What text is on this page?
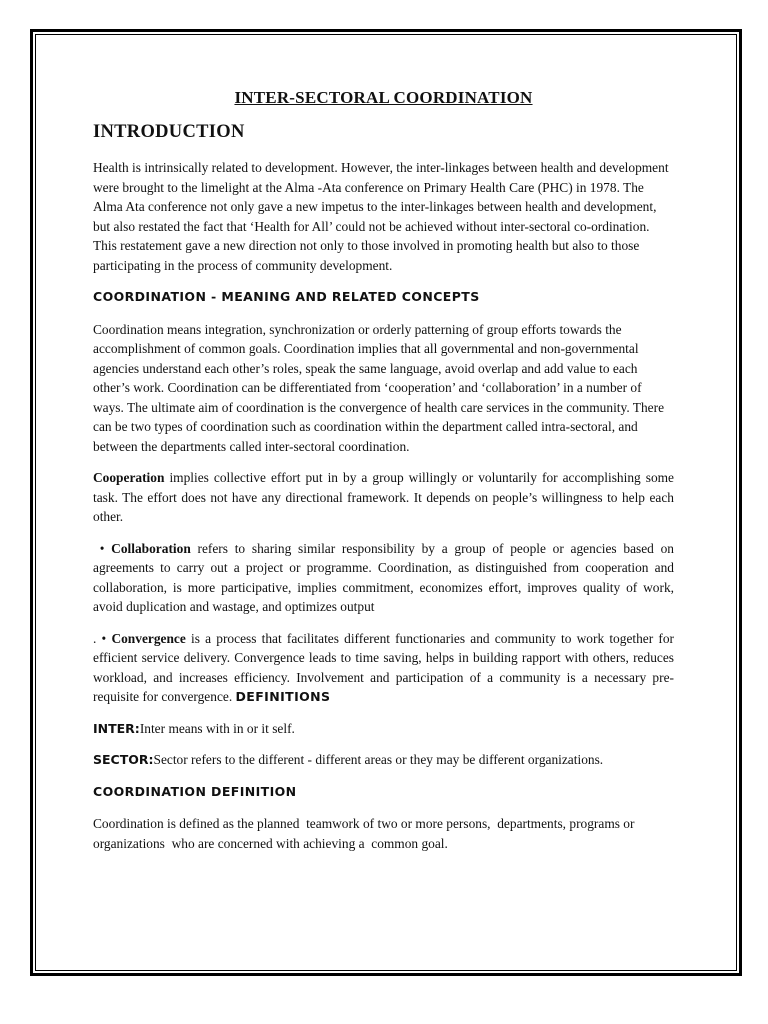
INTER-SECTORAL COORDINATION
INTRODUCTION

Health is intrinsically related to development. However, the inter-linkages between health and development were brought to the limelight at the Alma -Ata conference on Primary Health Care (PHC) in 1978. The Alma Ata conference not only gave a new impetus to the inter-linkages between health and development, but also restated the fact that ‘Health for All’ could not be achieved without inter-sectoral co-ordination. This restatement gave a new direction not only to those involved in promoting health but also to those participating in the process of community development.

COORDINATION - MEANING AND RELATED CONCEPTS

Coordination means integration, synchronization or orderly patterning of group efforts towards the accomplishment of common goals. Coordination implies that all governmental and non-governmental agencies understand each other’s roles, speak the same language, avoid overlap and add value to each other’s work. Coordination can be differentiated from ‘cooperation’ and ‘collaboration’ in a number of ways. The ultimate aim of coordination is the convergence of health care services in the community. There can be two types of coordination such as coordination within the department called intra-sectoral, and between the departments called inter-sectoral coordination.

Cooperation implies collective effort put in by a group willingly or voluntarily for accomplishing some task. The effort does not have any directional framework. It depends on people’s willingness to help each other.

• Collaboration refers to sharing similar responsibility by a group of people or agencies based on agreements to carry out a project or programme. Coordination, as distinguished from cooperation and collaboration, is more participative, implies commitment, economizes effort, improves quality of work, avoid duplication and wastage, and optimizes output

. • Convergence is a process that facilitates different functionaries and community to work together for efficient service delivery. Convergence leads to time saving, helps in building rapport with others, reduces workload, and increases efficiency. Involvement and participation of a community is a necessary pre-requisite for convergence. DEFINITIONS

INTER:Inter means with in or it self.

SECTOR:Sector refers to the different - different areas or they may be different organizations.

COORDINATION DEFINITION

Coordination is defined as the planned  teamwork of two or more persons,  departments, programs or organizations  who are concerned with achieving a  common goal.
